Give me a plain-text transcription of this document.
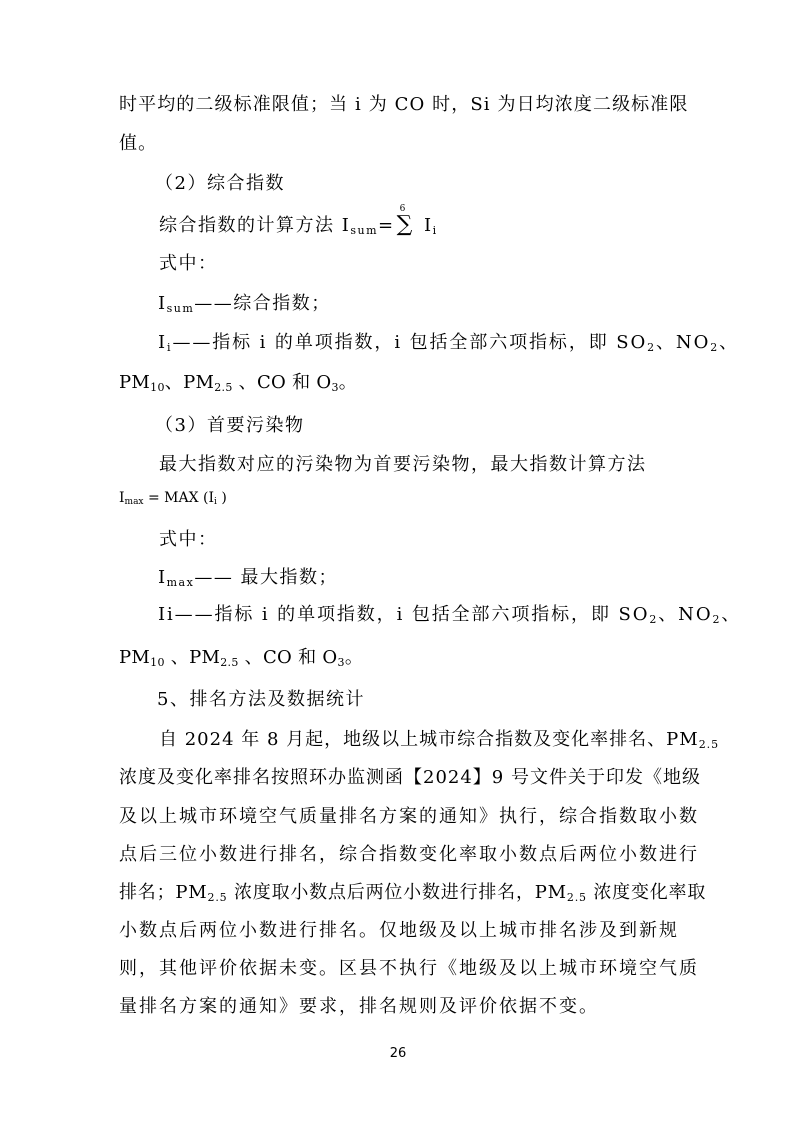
时平均的二级标准限值；当 i 为 CO 时，Si 为日均浓度二级标准限
值。
（2）综合指数
综合指数的计算方法 $I_{sum}=$
6
∑ $I_i$
式中：
$I_{sum}——$综合指数；
$I_i——$指标 i 的单项指数，i 包括全部六项指标，即 $SO_2$、$NO_2$、
$PM_{10}$、$PM_{2.5}$ 、CO 和 $O_3$。
（3）首要污染物
最大指数对应的污染物为首要污染物，最大指数计算方法
$I_{max}$ = MAX ($I_i$ )
式中：
$I_{max}——$ 最大指数；
Ii——指标 i 的单项指数，i 包括全部六项指标，即 $SO_2$、$NO_2$、
$PM_{10}$ 、$PM_{2.5}$ 、CO 和 $O_3$。
5、排名方法及数据统计
自 2024 年 8 月起，地级以上城市综合指数及变化率排名、$PM_{2.5}$
浓度及变化率排名按照环办监测函【2024】9 号文件关于印发《地级
及以上城市环境空气质量排名方案的通知》执行，综合指数取小数
点后三位小数进行排名，综合指数变化率取小数点后两位小数进行
排名；$PM_{2.5}$ 浓度取小数点后两位小数进行排名，$PM_{2.5}$ 浓度变化率取
小数点后两位小数进行排名。仅地级及以上城市排名涉及到新规
则，其他评价依据未变。区县不执行《地级及以上城市环境空气质
量排名方案的通知》要求，排名规则及评价依据不变。
26
